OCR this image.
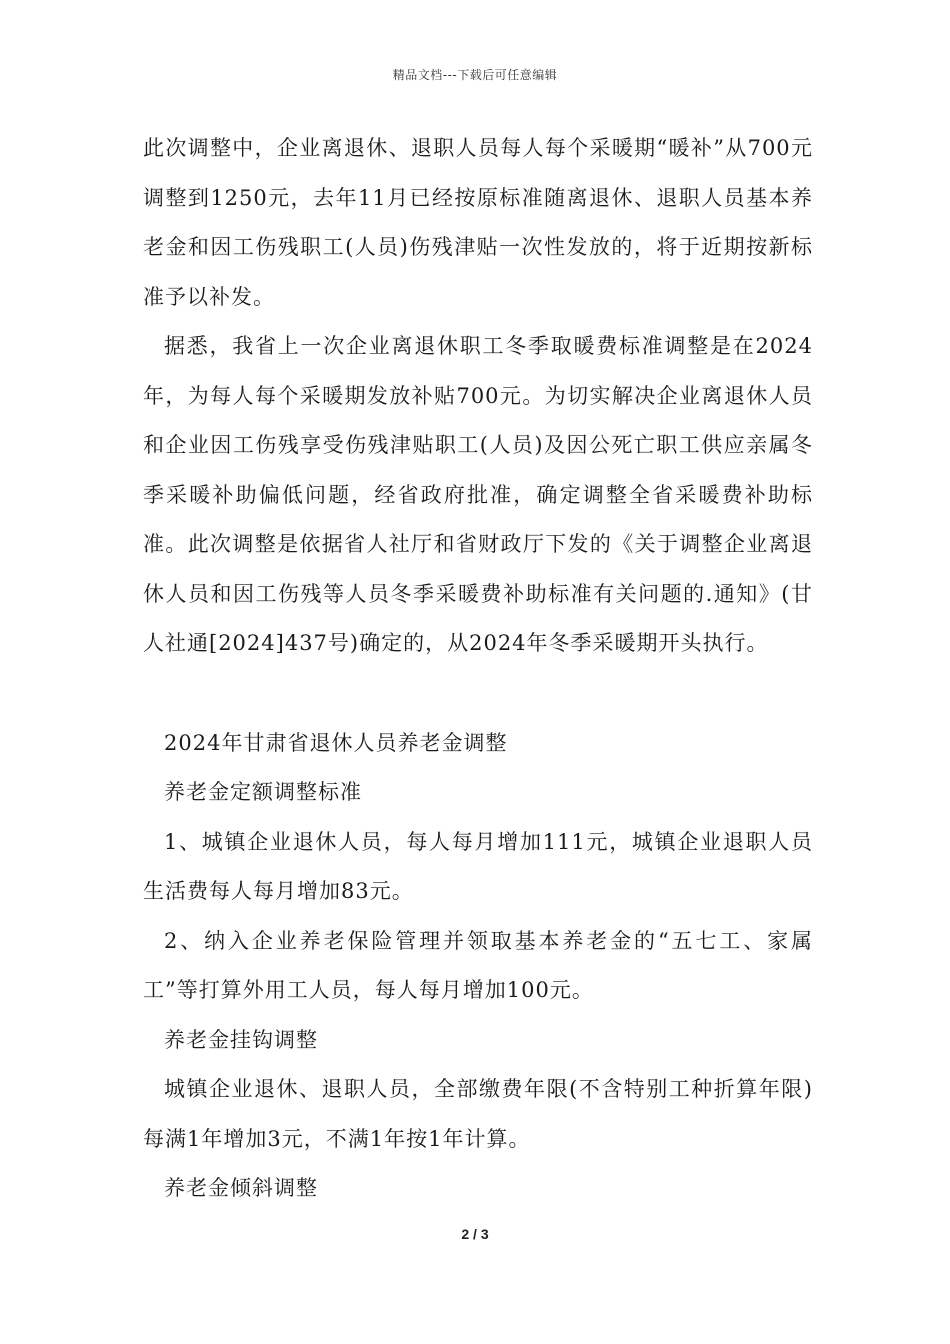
精品文档---下载后可任意编辑

此次调整中，企业离退休、退职人员每人每个采暖期“暖补”从700元调整到1250元，去年11月已经按原标准随离退休、退职人员基本养老金和因工伤残职工(人员)伤残津贴一次性发放的，将于近期按新标准予以补发。

据悉，我省上一次企业离退休职工冬季取暖费标准调整是在2024年，为每人每个采暖期发放补贴700元。为切实解决企业离退休人员和企业因工伤残享受伤残津贴职工(人员)及因公死亡职工供应亲属冬季采暖补助偏低问题，经省政府批准，确定调整全省采暖费补助标准。此次调整是依据省人社厅和省财政厅下发的《关于调整企业离退休人员和因工伤残等人员冬季采暖费补助标准有关问题的.通知》(甘人社通[2024]437号)确定的，从2024年冬季采暖期开头执行。

2024年甘肃省退休人员养老金调整

养老金定额调整标准

1、城镇企业退休人员，每人每月增加111元，城镇企业退职人员生活费每人每月增加83元。

2、纳入企业养老保险管理并领取基本养老金的“五七工、家属工”等打算外用工人员，每人每月增加100元。

养老金挂钩调整

城镇企业退休、退职人员，全部缴费年限(不含特别工种折算年限)每满1年增加3元，不满1年按1年计算。

养老金倾斜调整

2 / 3
